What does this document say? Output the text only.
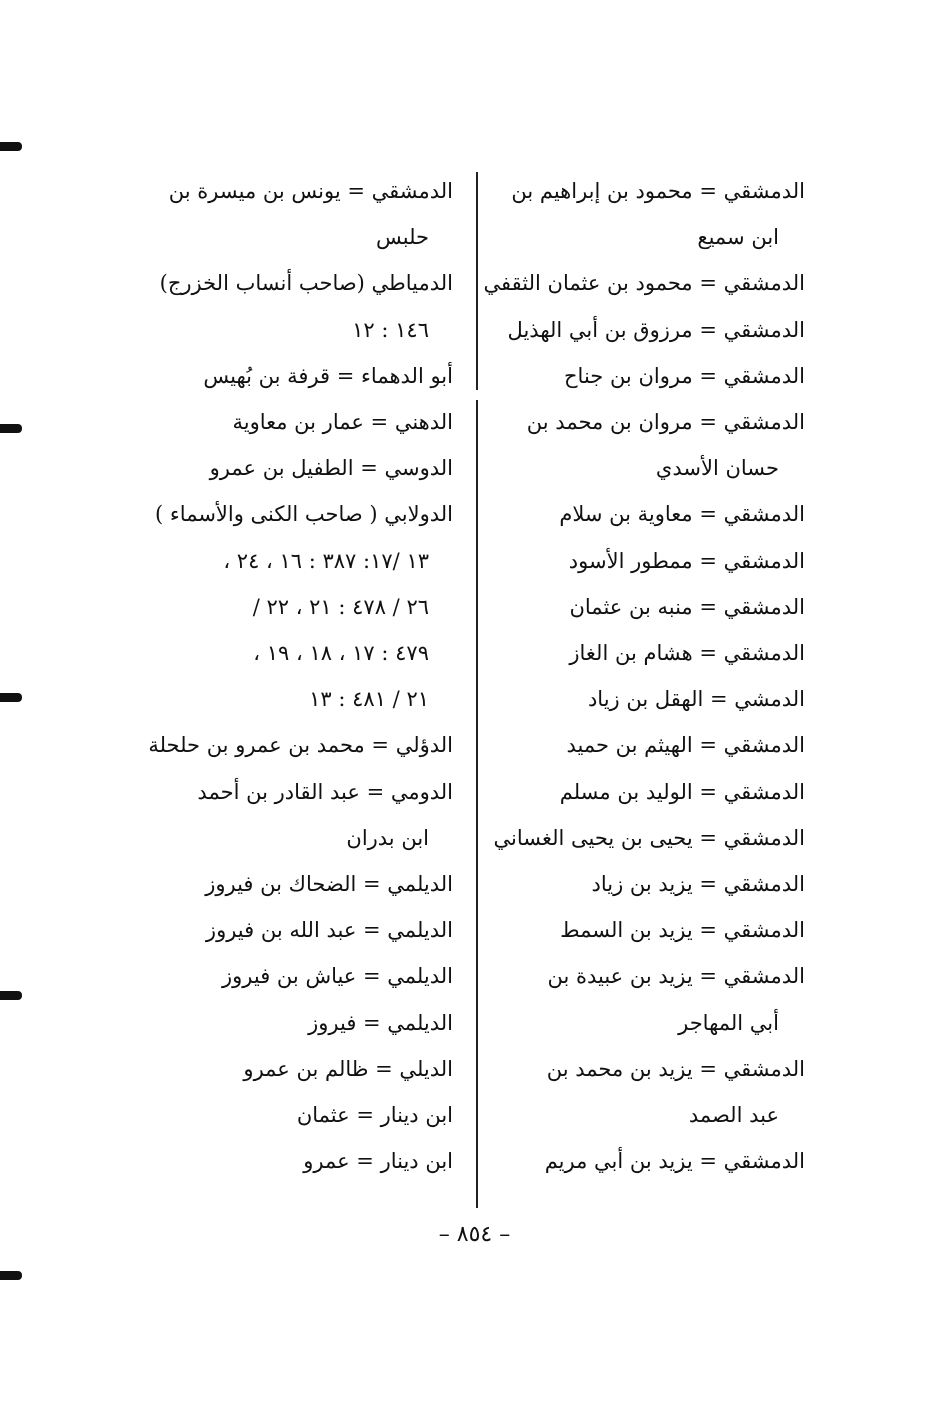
الدمشقي = محمود بن إبراهيم بن
ابن سميع
الدمشقي = محمود بن عثمان الثقفي
الدمشقي = مرزوق بن أبي الهذيل
الدمشقي = مروان بن جناح
الدمشقي = مروان بن محمد بن
حسان الأسدي
الدمشقي = معاوية بن سلام
الدمشقي = ممطور الأسود
الدمشقي = منبه بن عثمان
الدمشقي = هشام بن الغاز
الدمشي = الهقل بن زياد
الدمشقي = الهيثم بن حميد
الدمشقي = الوليد بن مسلم
الدمشقي = يحيى بن يحيى الغساني
الدمشقي = يزيد بن زياد
الدمشقي = يزيد بن السمط
الدمشقي = يزيد بن عبيدة بن
أبي المهاجر
الدمشقي = يزيد بن محمد بن
عبد الصمد
الدمشقي = يزيد بن أبي مريم
الدمشقي = يونس بن ميسرة بن
حلبس
الدمياطي (صاحب أنساب الخزرج)
١٤٦ : ١٢
أبو الدهماء = قرفة بن بُهيس
الدهني = عمار بن معاوية
الدوسي = الطفيل بن عمرو
الدولابي ( صاحب الكنى والأسماء )
١٣ /١٧: ٣٨٧ : ١٦ ، ٢٤ ،
٢٦ / ٤٧٨ : ٢١ ، ٢٢ /
٤٧٩ : ١٧ ، ١٨ ، ١٩ ،
٢١ / ٤٨١ : ١٣
الدؤلي = محمد بن عمرو بن حلحلة
الدومي = عبد القادر بن أحمد
ابن بدران
الديلمي = الضحاك بن فيروز
الديلمي = عبد الله بن فيروز
الديلمي = عياش بن فيروز
الديلمي = فيروز
الديلي = ظالم بن عمرو
ابن دينار = عثمان
ابن دينار = عمرو
– ٨٥٤ –
